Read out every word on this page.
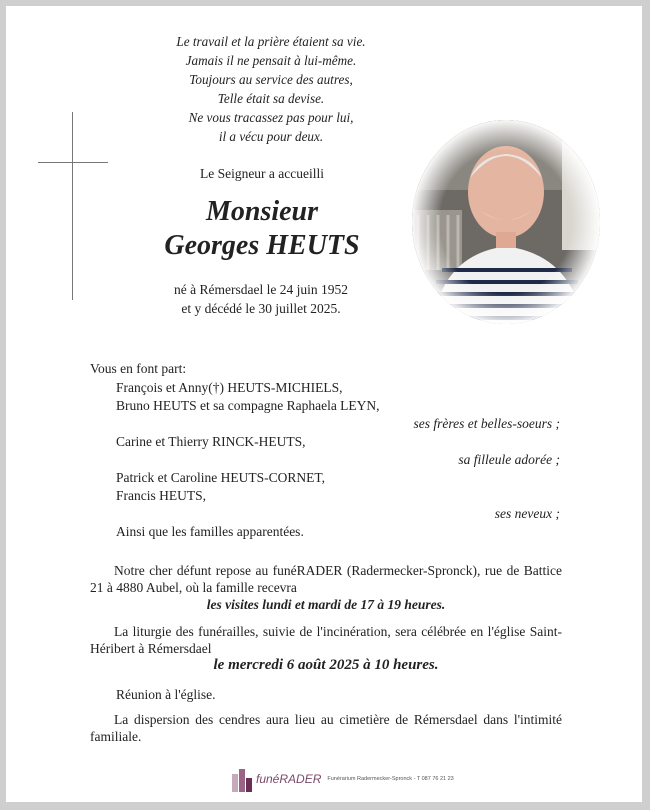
Le travail et la prière étaient sa vie.
Jamais il ne pensait à lui-même.
Toujours au service des autres,
Telle était sa devise.
Ne vous tracassez pas pour lui,
il a vécu pour deux.
Le Seigneur a accueilli
Monsieur
Georges HEUTS
né à Rémersdael le 24 juin 1952
et y décédé le 30 juillet 2025.
Vous en font part:
François et Anny(†) HEUTS-MICHIELS,
Bruno HEUTS et sa compagne Raphaela LEYN,
ses frères et belles-soeurs ;
Carine et Thierry RINCK-HEUTS,
sa filleule adorée ;
Patrick et Caroline HEUTS-CORNET,
Francis HEUTS,
ses neveux ;
Ainsi que les familles apparentées.
Notre cher défunt repose au funéRADER (Radermecker-Spronck), rue de Battice 21 à 4880 Aubel, où la famille recevra
les visites lundi et mardi de 17 à 19 heures.
La liturgie des funérailles, suivie de l'incinération, sera célébrée en l'église Saint-Héribert à Rémersdael
le mercredi 6 août 2025 à 10 heures.
Réunion à l'église.
La dispersion des cendres aura lieu au cimetière de Rémersdael dans l'intimité familiale.
funéRADER Funérarium Radermecker-Spronck - T 087 76 21 23
